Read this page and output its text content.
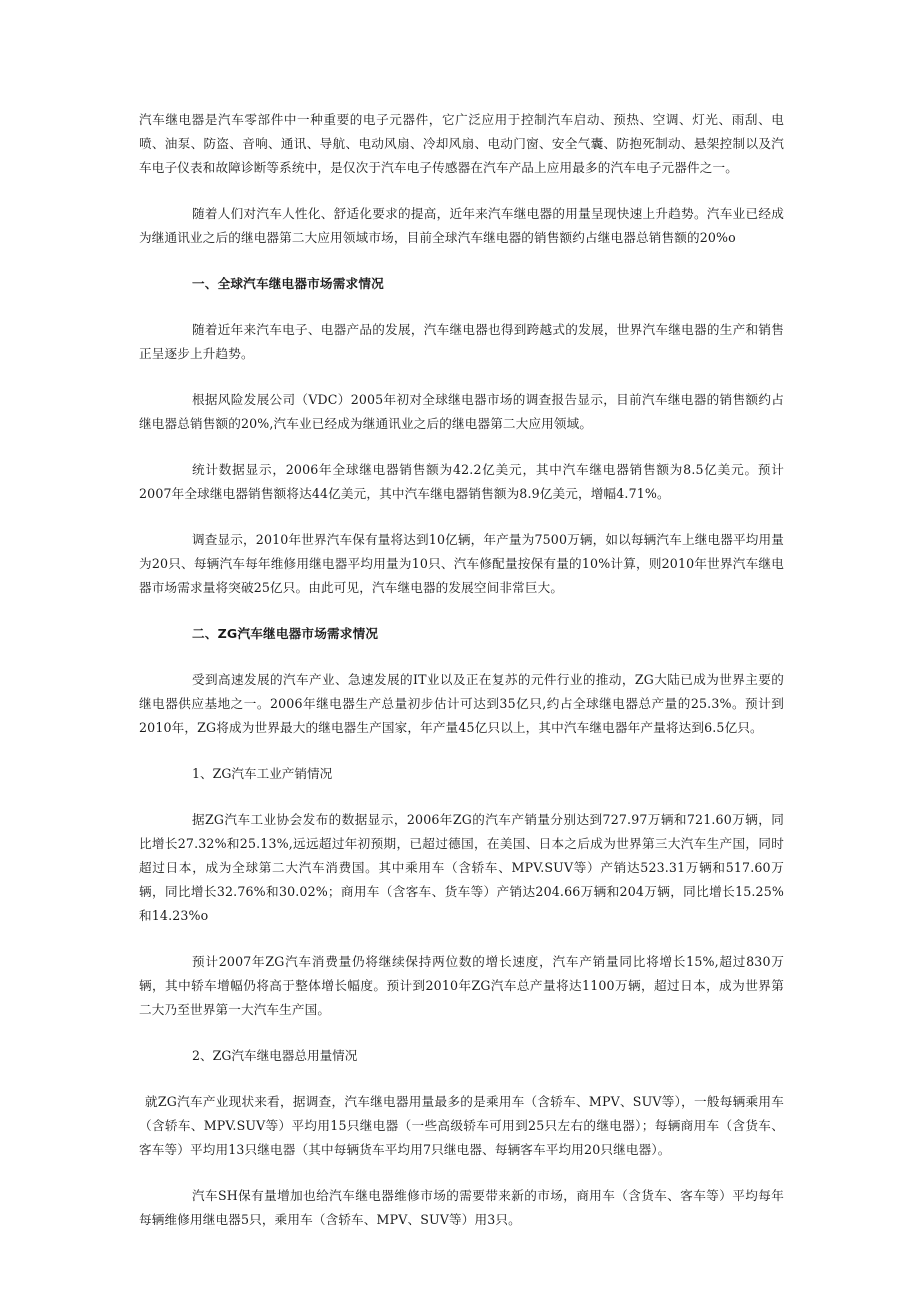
汽车继电器是汽车零部件中一种重要的电子元器件，它广泛应用于控制汽车启动、预热、空调、灯光、雨刮、电喷、油泵、防盗、音响、通讯、导航、电动风扇、冷却风扇、电动门窗、安全气囊、防抱死制动、悬架控制以及汽车电子仪表和故障诊断等系统中，是仅次于汽车电子传感器在汽车产品上应用最多的汽车电子元器件之一。

随着人们对汽车人性化、舒适化要求的提高，近年来汽车继电器的用量呈现快速上升趋势。汽车业已经成为继通讯业之后的继电器第二大应用领域市场，目前全球汽车继电器的销售额约占继电器总销售额的20%o

一、全球汽车继电器市场需求情况

随着近年来汽车电子、电器产品的发展，汽车继电器也得到跨越式的发展，世界汽车继电器的生产和销售正呈逐步上升趋势。

根据风险发展公司（VDC）2005年初对全球继电器市场的调查报告显示，目前汽车继电器的销售额约占继电器总销售额的20%,汽车业已经成为继通讯业之后的继电器第二大应用领域。

统计数据显示，2006年全球继电器销售额为42.2亿美元，其中汽车继电器销售额为8.5亿美元。预计2007年全球继电器销售额将达44亿美元，其中汽车继电器销售额为8.9亿美元，增幅4.71%。

调查显示，2010年世界汽车保有量将达到10亿辆，年产量为7500万辆，如以每辆汽车上继电器平均用量为20只、每辆汽车每年维修用继电器平均用量为10只、汽车修配量按保有量的10%计算，则2010年世界汽车继电器市场需求量将突破25亿只。由此可见，汽车继电器的发展空间非常巨大。

二、ZG汽车继电器市场需求情况

受到高速发展的汽车产业、急速发展的IT业以及正在复苏的元件行业的推动，ZG大陆已成为世界主要的继电器供应基地之一。2006年继电器生产总量初步估计可达到35亿只,约占全球继电器总产量的25.3%。预计到2010年，ZG将成为世界最大的继电器生产国家，年产量45亿只以上，其中汽车继电器年产量将达到6.5亿只。

1、ZG汽车工业产销情况

据ZG汽车工业协会发布的数据显示，2006年ZG的汽车产销量分别达到727.97万辆和721.60万辆，同比增长27.32%和25.13%,远远超过年初预期，已超过德国，在美国、日本之后成为世界第三大汽车生产国，同时超过日本，成为全球第二大汽车消费国。其中乘用车（含轿车、MPV.SUV等）产销达523.31万辆和517.60万辆，同比增长32.76%和30.02%；商用车（含客车、货车等）产销达204.66万辆和204万辆，同比增长15.25%和14.23%o

预计2007年ZG汽车消费量仍将继续保持两位数的增长速度，汽车产销量同比将增长15%,超过830万辆，其中轿车增幅仍将高于整体增长幅度。预计到2010年ZG汽车总产量将达1100万辆，超过日本，成为世界第二大乃至世界第一大汽车生产国。

2、ZG汽车继电器总用量情况

就ZG汽车产业现状来看，据调查，汽车继电器用量最多的是乘用车（含轿车、MPV、SUV等），一般每辆乘用车（含轿车、MPV.SUV等）平均用15只继电器（一些高级轿车可用到25只左右的继电器）；每辆商用车（含货车、客车等）平均用13只继电器（其中每辆货车平均用7只继电器、每辆客车平均用20只继电器）。

汽车SH保有量增加也给汽车继电器维修市场的需要带来新的市场，商用车（含货车、客车等）平均每年每辆维修用继电器5只，乘用车（含轿车、MPV、SUV等）用3只。
